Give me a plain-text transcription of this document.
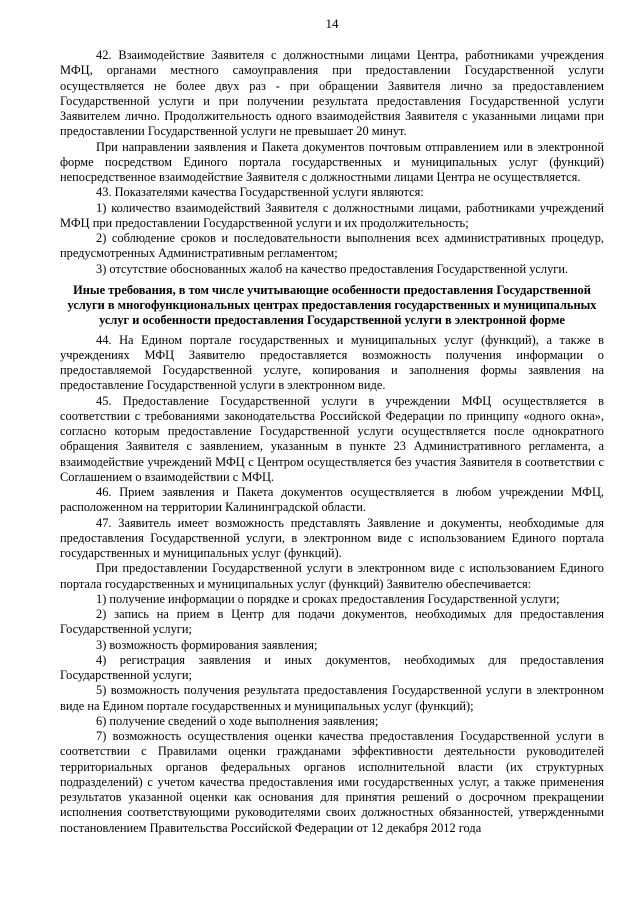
14

42. Взаимодействие Заявителя с должностными лицами Центра, работниками учреждения МФЦ, органами местного самоуправления при предоставлении Государственной услуги осуществляется не более двух раз - при обращении Заявителя лично за предоставлением Государственной услуги и при получении результата предоставления Государственной услуги Заявителем лично. Продолжительность одного взаимодействия Заявителя с указанными лицами при предоставлении Государственной услуги не превышает 20 минут.

При направлении заявления и Пакета документов почтовым отправлением или в электронной форме посредством Единого портала государственных и муниципальных услуг (функций) непосредственное взаимодействие Заявителя с должностными лицами Центра не осуществляется.

43. Показателями качества Государственной услуги являются:

1) количество взаимодействий Заявителя с должностными лицами, работниками учреждений МФЦ при предоставлении Государственной услуги и их продолжительность;

2) соблюдение сроков и последовательности выполнения всех административных процедур, предусмотренных Административным регламентом;

3) отсутствие обоснованных жалоб на качество предоставления Государственной услуги.

Иные требования, в том числе учитывающие особенности предоставления Государственной услуги в многофункциональных центрах предоставления государственных и муниципальных услуг и особенности предоставления Государственной услуги в электронной форме

44. На Едином портале государственных и муниципальных услуг (функций), а также в учреждениях МФЦ Заявителю предоставляется возможность получения информации о предоставляемой Государственной услуге, копирования и заполнения формы заявления на предоставление Государственной услуги в электронном виде.

45. Предоставление Государственной услуги в учреждении МФЦ осуществляется в соответствии с требованиями законодательства Российской Федерации по принципу «одного окна», согласно которым предоставление Государственной услуги осуществляется после однократного обращения Заявителя с заявлением, указанным в пункте 23 Административного регламента, а взаимодействие учреждений МФЦ с Центром осуществляется без участия Заявителя в соответствии с Соглашением о взаимодействии с МФЦ.

46. Прием заявления и Пакета документов осуществляется в любом учреждении МФЦ, расположенном на территории Калининградской области.

47. Заявитель имеет возможность представлять Заявление и документы, необходимые для предоставления Государственной услуги, в электронном виде с использованием Единого портала государственных и муниципальных услуг (функций).

При предоставлении Государственной услуги в электронном виде с использованием Единого портала государственных и муниципальных услуг (функций) Заявителю обеспечивается:

1) получение информации о порядке и сроках предоставления Государственной услуги;

2) запись на прием в Центр для подачи документов, необходимых для предоставления Государственной услуги;

3) возможность формирования заявления;

4) регистрация заявления и иных документов, необходимых для предоставления Государственной услуги;

5) возможность получения результата предоставления Государственной услуги в электронном виде на Едином портале государственных и муниципальных услуг (функций);

6) получение сведений о ходе выполнения заявления;

7) возможность осуществления оценки качества предоставления Государственной услуги в соответствии с Правилами оценки гражданами эффективности деятельности руководителей территориальных органов федеральных органов исполнительной власти (их структурных подразделений) с учетом качества предоставления ими государственных услуг, а также применения результатов указанной оценки как основания для принятия решений о досрочном прекращении исполнения соответствующими руководителями своих должностных обязанностей, утвержденными постановлением Правительства Российской Федерации от 12 декабря 2012 года
